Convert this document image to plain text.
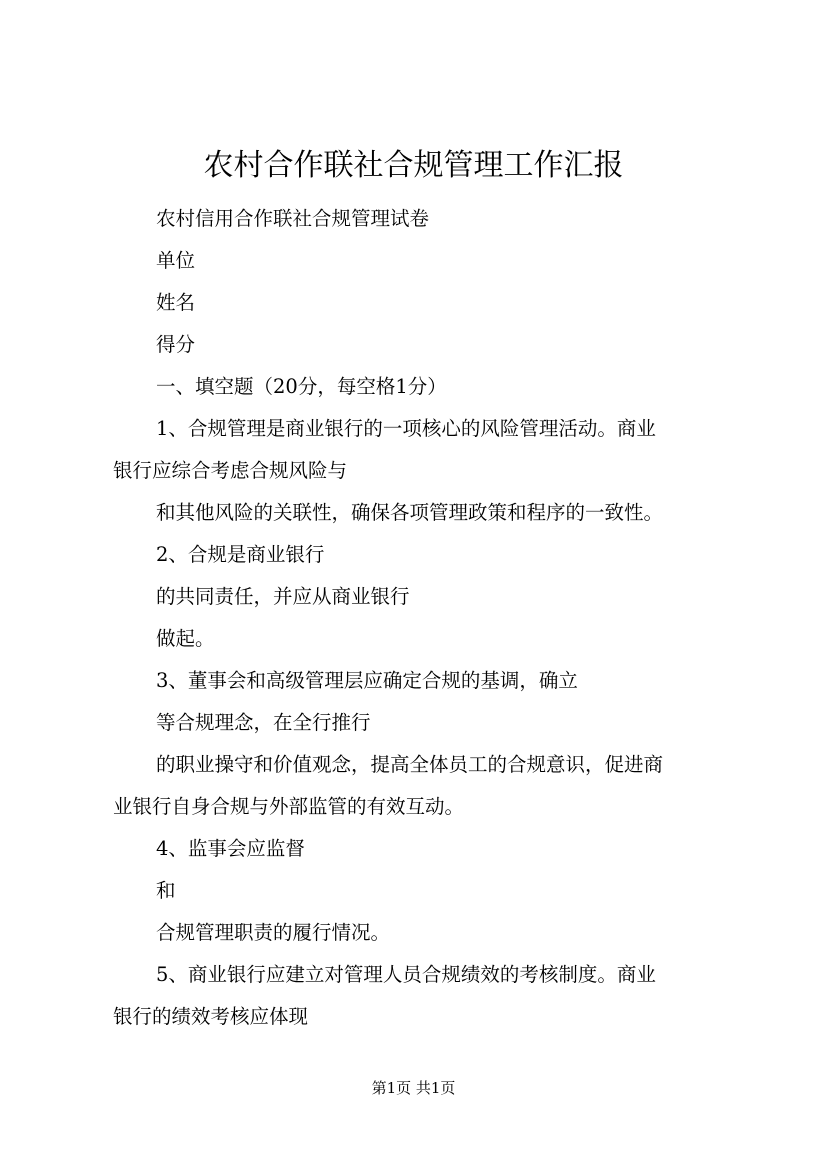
农村合作联社合规管理工作汇报

农村信用合作联社合规管理试卷

单位

姓名

得分

一、填空题（20分，每空格1分）

1、合规管理是商业银行的一项核心的风险管理活动。商业

银行应综合考虑合规风险与

和其他风险的关联性，确保各项管理政策和程序的一致性。

2、合规是商业银行

的共同责任，并应从商业银行

做起。

3、董事会和高级管理层应确定合规的基调，确立

等合规理念，在全行推行

的职业操守和价值观念，提高全体员工的合规意识，促进商

业银行自身合规与外部监管的有效互动。

4、监事会应监督

和

合规管理职责的履行情况。

5、商业银行应建立对管理人员合规绩效的考核制度。商业

银行的绩效考核应体现

第1页 共1页
